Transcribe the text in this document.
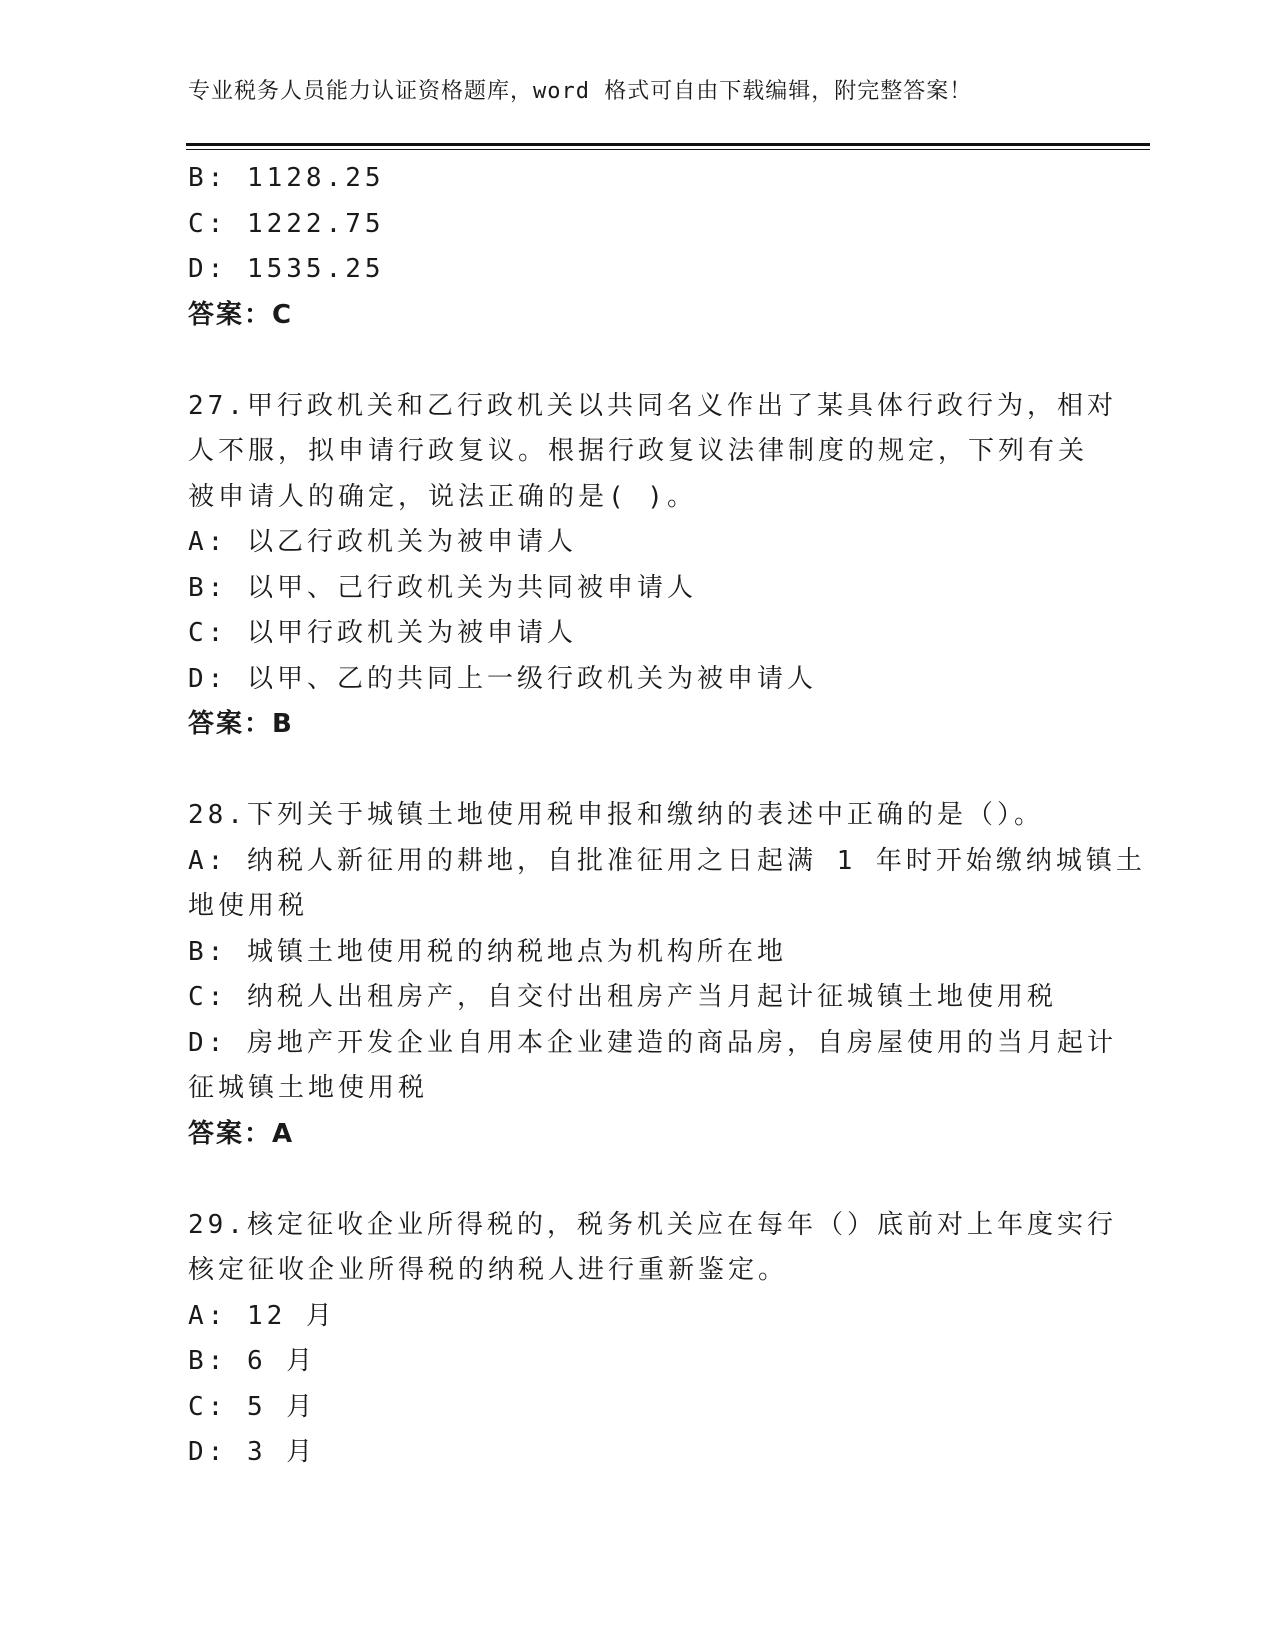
专业税务人员能力认证资格题库，word 格式可自由下载编辑，附完整答案！
B: 1128.25
C: 1222.75
D: 1535.25
答案：C
27.甲行政机关和乙行政机关以共同名义作出了某具体行政行为，相对
人不服，拟申请行政复议。根据行政复议法律制度的规定，下列有关
被申请人的确定，说法正确的是( )。
A: 以乙行政机关为被申请人
B: 以甲、己行政机关为共同被申请人
C: 以甲行政机关为被申请人
D: 以甲、乙的共同上一级行政机关为被申请人
答案：B
28.下列关于城镇土地使用税申报和缴纳的表述中正确的是（）。
A: 纳税人新征用的耕地，自批准征用之日起满 1 年时开始缴纳城镇土
地使用税
B: 城镇土地使用税的纳税地点为机构所在地
C: 纳税人出租房产，自交付出租房产当月起计征城镇土地使用税
D: 房地产开发企业自用本企业建造的商品房，自房屋使用的当月起计
征城镇土地使用税
答案：A
29.核定征收企业所得税的，税务机关应在每年（）底前对上年度实行
核定征收企业所得税的纳税人进行重新鉴定。
A: 12 月
B: 6 月
C: 5 月
D: 3 月
